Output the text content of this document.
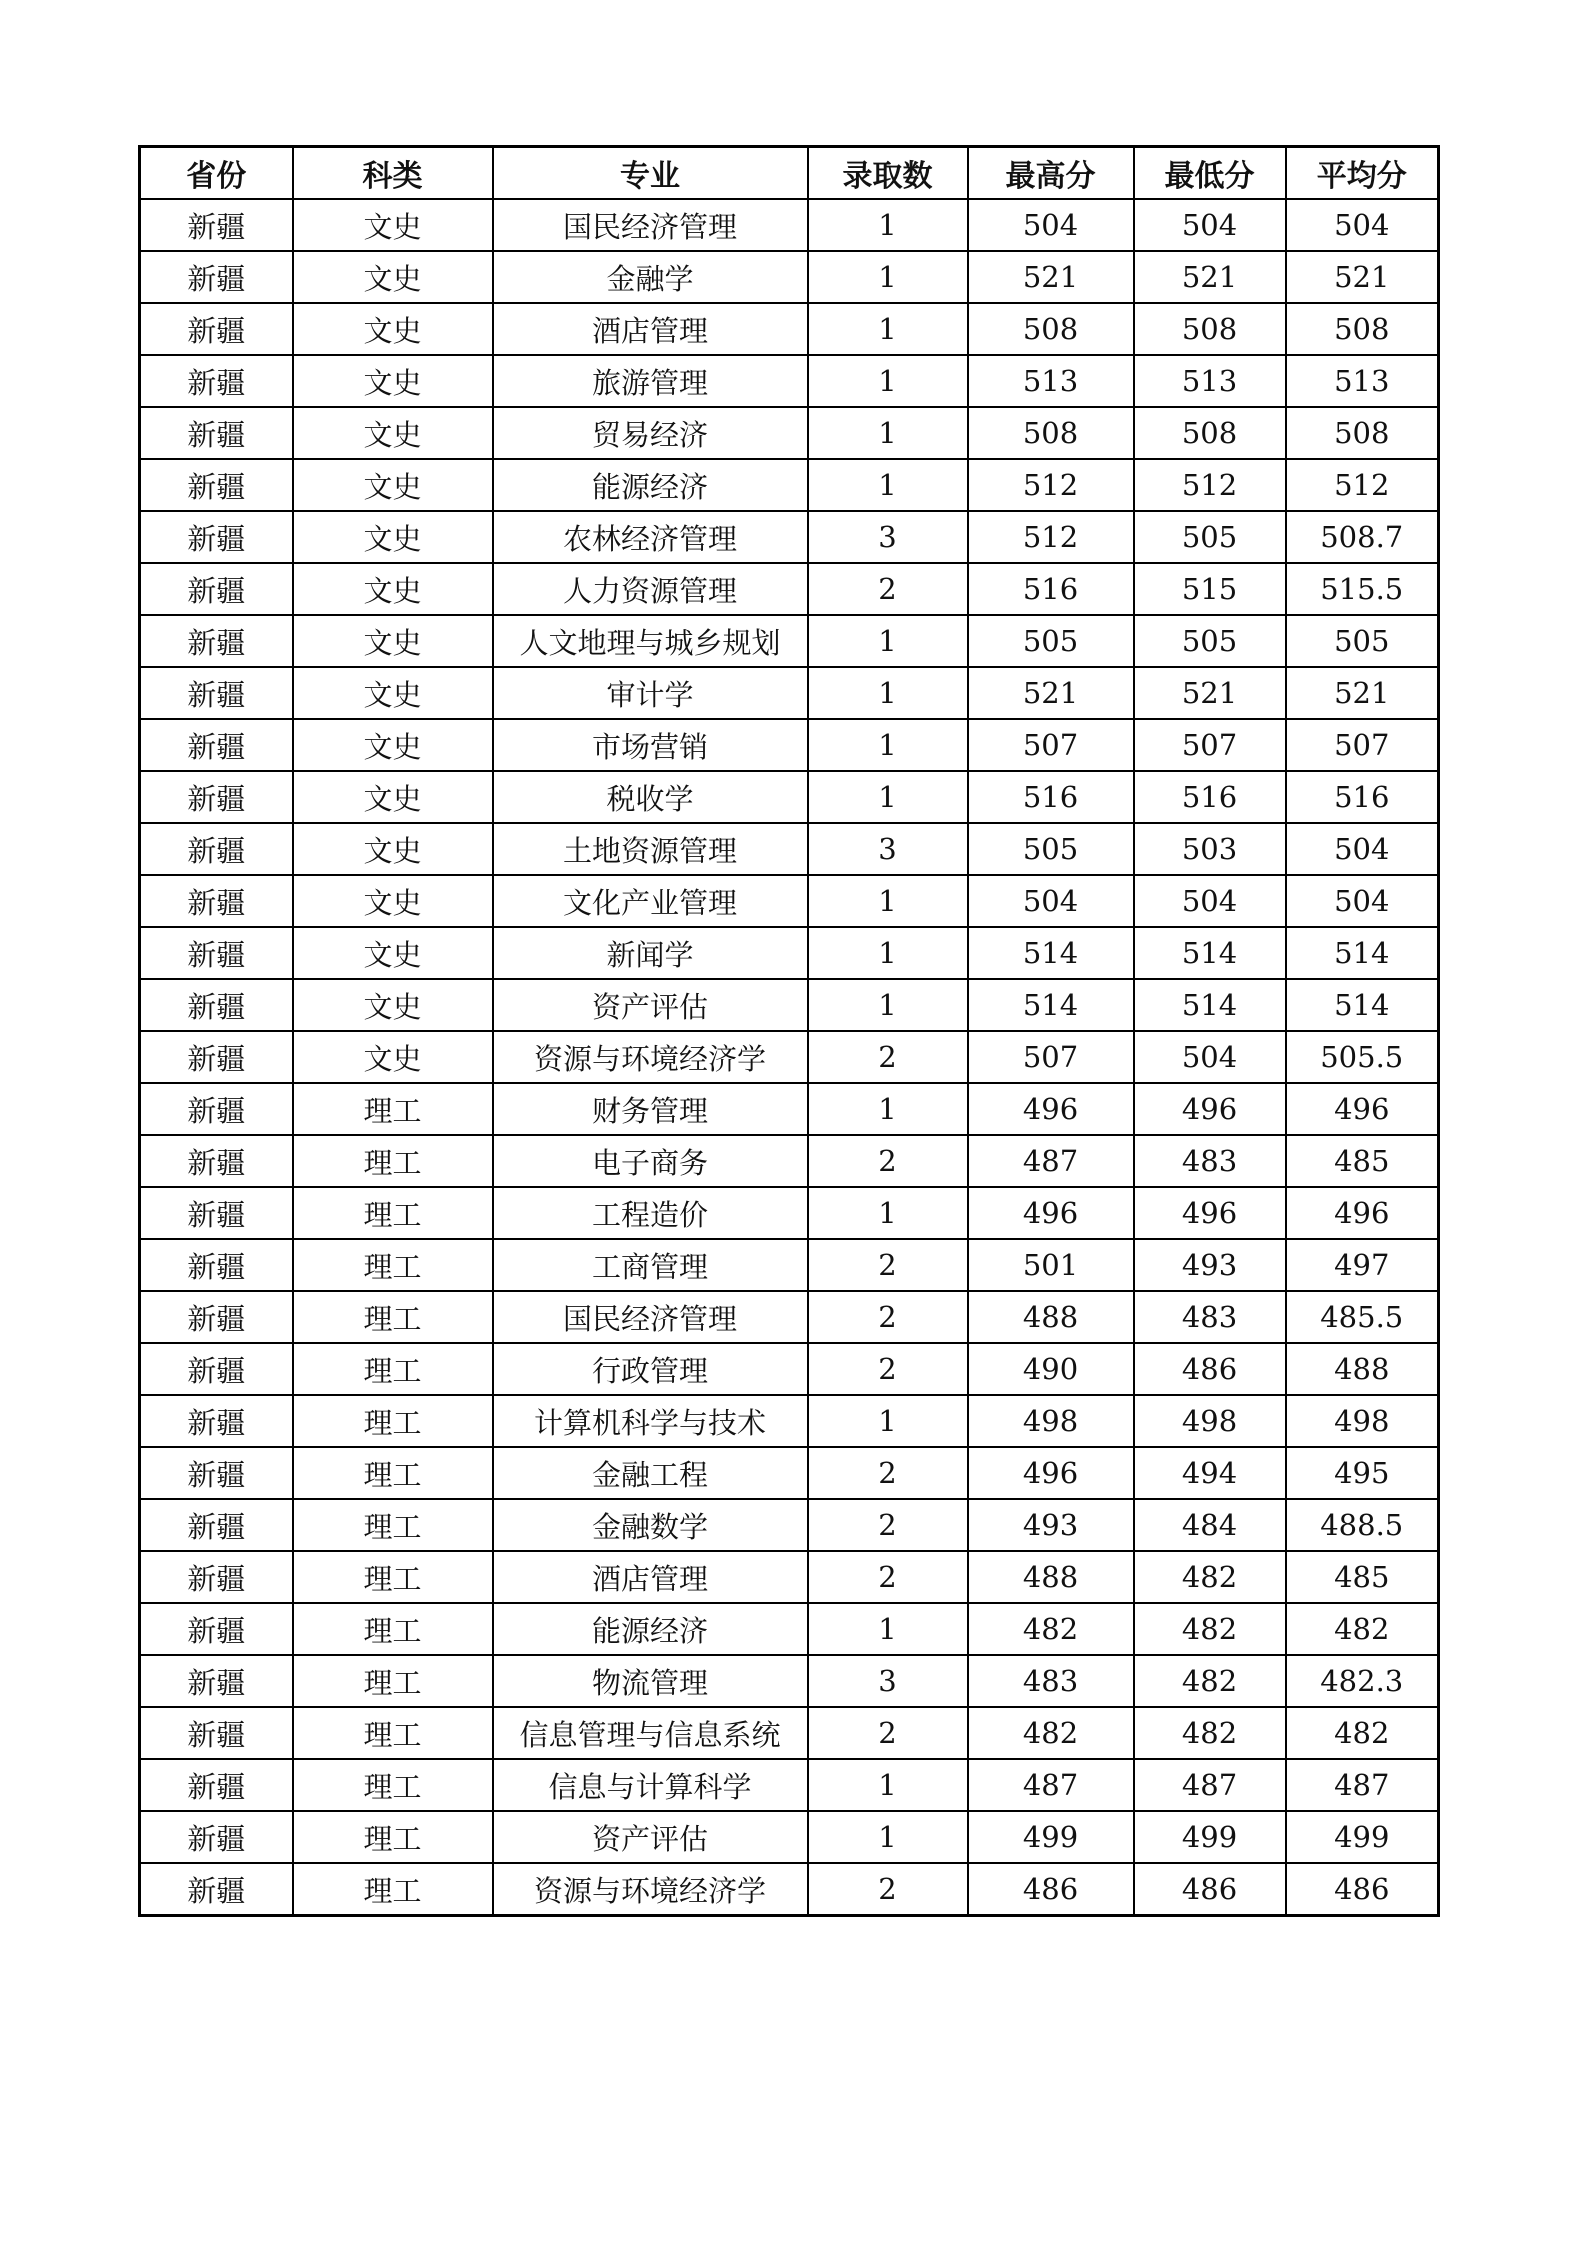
省份	科类	专业	录取数	最高分	最低分	平均分
新疆	文史	国民经济管理	1	504	504	504
新疆	文史	金融学	1	521	521	521
新疆	文史	酒店管理	1	508	508	508
新疆	文史	旅游管理	1	513	513	513
新疆	文史	贸易经济	1	508	508	508
新疆	文史	能源经济	1	512	512	512
新疆	文史	农林经济管理	3	512	505	508.7
新疆	文史	人力资源管理	2	516	515	515.5
新疆	文史	人文地理与城乡规划	1	505	505	505
新疆	文史	审计学	1	521	521	521
新疆	文史	市场营销	1	507	507	507
新疆	文史	税收学	1	516	516	516
新疆	文史	土地资源管理	3	505	503	504
新疆	文史	文化产业管理	1	504	504	504
新疆	文史	新闻学	1	514	514	514
新疆	文史	资产评估	1	514	514	514
新疆	文史	资源与环境经济学	2	507	504	505.5
新疆	理工	财务管理	1	496	496	496
新疆	理工	电子商务	2	487	483	485
新疆	理工	工程造价	1	496	496	496
新疆	理工	工商管理	2	501	493	497
新疆	理工	国民经济管理	2	488	483	485.5
新疆	理工	行政管理	2	490	486	488
新疆	理工	计算机科学与技术	1	498	498	498
新疆	理工	金融工程	2	496	494	495
新疆	理工	金融数学	2	493	484	488.5
新疆	理工	酒店管理	2	488	482	485
新疆	理工	能源经济	1	482	482	482
新疆	理工	物流管理	3	483	482	482.3
新疆	理工	信息管理与信息系统	2	482	482	482
新疆	理工	信息与计算科学	1	487	487	487
新疆	理工	资产评估	1	499	499	499
新疆	理工	资源与环境经济学	2	486	486	486
